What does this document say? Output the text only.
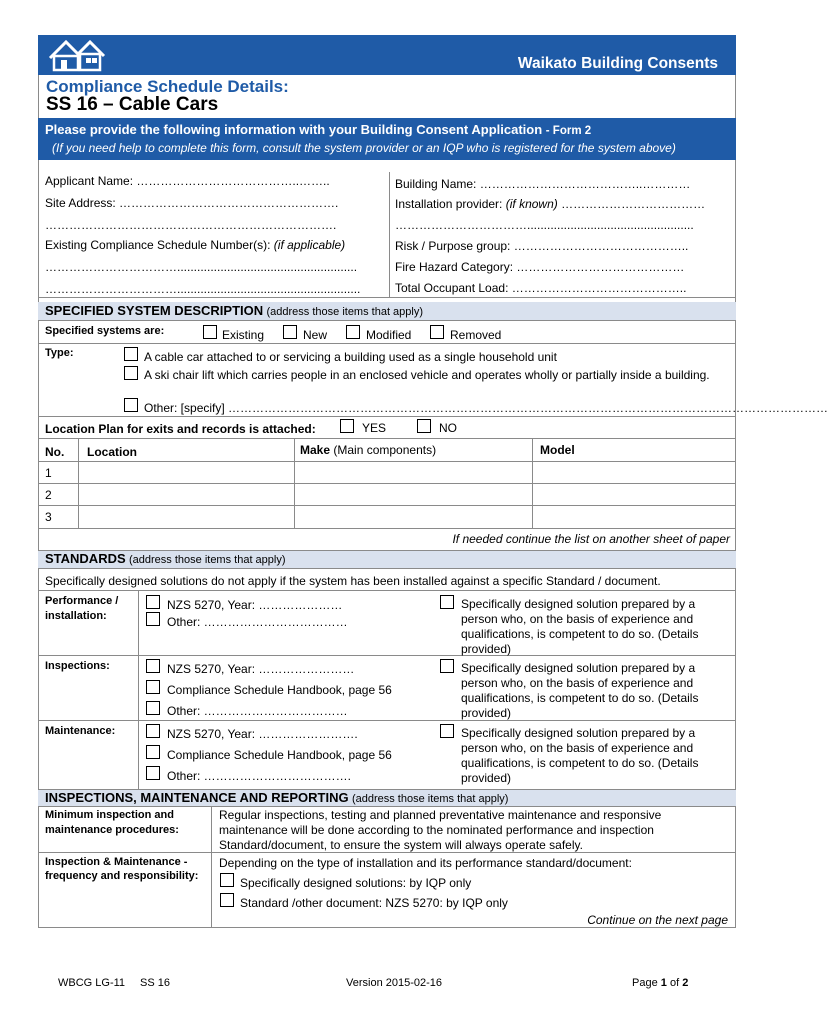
Waikato Building Consents
Compliance Schedule Details:
SS 16 – Cable Cars
Please provide the following information with your Building Consent Application - Form 2
(If you need help to complete this form, consult the system provider or an IQP who is registered for the system above)
Applicant Name: …………………………………..……..
Site Address: ……………………………………………….
……………………………………………………………….
Existing Compliance Schedule Number(s): (if applicable)
……………………………......................................................
…………………………….......................................................
Building Name: …………………………………..…………
Installation provider: (if known) ………………………………
……………………………..................................................
Risk / Purpose group: ……………………………………..
Fire Hazard Category: ……………………………………
Total Occupant Load: ……………………………………..
SPECIFIED SYSTEM DESCRIPTION (address those items that apply)
Specified systems are:	Existing	New	Modified	Removed
Type:	A cable car attached to or servicing a building used as a single household unit
A ski chair lift which carries people in an enclosed vehicle and operates wholly or partially inside a building.
Other: [specify] ……………………………………………………………………………………………………………………………………
Location Plan for exits and records is attached:	YES	NO
No. Location	Make (Main components)	Model
1
2
3
If needed continue the list on another sheet of paper
STANDARDS (address those items that apply)
Specifically designed solutions do not apply if the system has been installed against a specific Standard / document.
Performance / installation:
NZS 5270, Year: …………………
Other: ………………………………
Specifically designed solution prepared by a person who, on the basis of experience and qualifications, is competent to do so. (Details provided)
Inspections:	NZS 5270, Year: ……………………
Compliance Schedule Handbook, page 56
Other: ………………………………
Specifically designed solution prepared by a person who, on the basis of experience and qualifications, is competent to do so. (Details provided)
Maintenance:	NZS 5270, Year: …………………….
Compliance Schedule Handbook, page 56
Other: ……………………………….
Specifically designed solution prepared by a person who, on the basis of experience and qualifications, is competent to do so. (Details provided)
INSPECTIONS, MAINTENANCE AND REPORTING (address those items that apply)
Minimum inspection and maintenance procedures:
Regular inspections, testing and planned preventative maintenance and responsive maintenance will be done according to the nominated performance and inspection Standard/document, to ensure the system will always operate safely.
Inspection & Maintenance - frequency and responsibility:
Depending on the type of installation and its performance standard/document:
Specifically designed solutions: by IQP only
Standard /other document: NZS 5270: by IQP only
Continue on the next page
WBCG LG-11 SS 16	Version 2015-02-16	Page 1 of 2
